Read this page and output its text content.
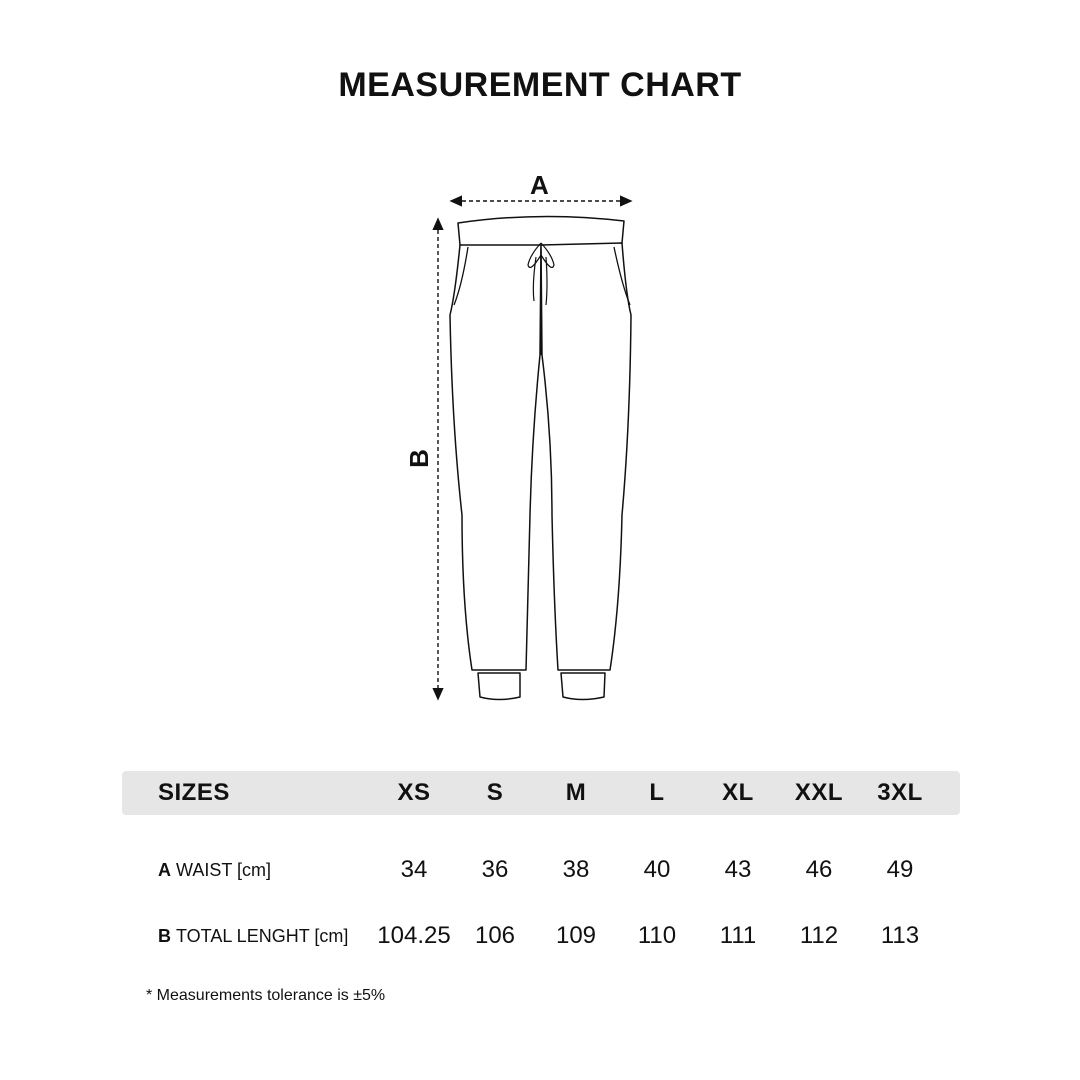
MEASUREMENT CHART
A
B
SIZES	XS	S	M	L	XL	XXL	3XL
A WAIST [cm]	34	36	38	40	43	46	49
B TOTAL LENGHT [cm] 104.25	106	109	110	111	112	113
* Measurements tolerance is ±5%
